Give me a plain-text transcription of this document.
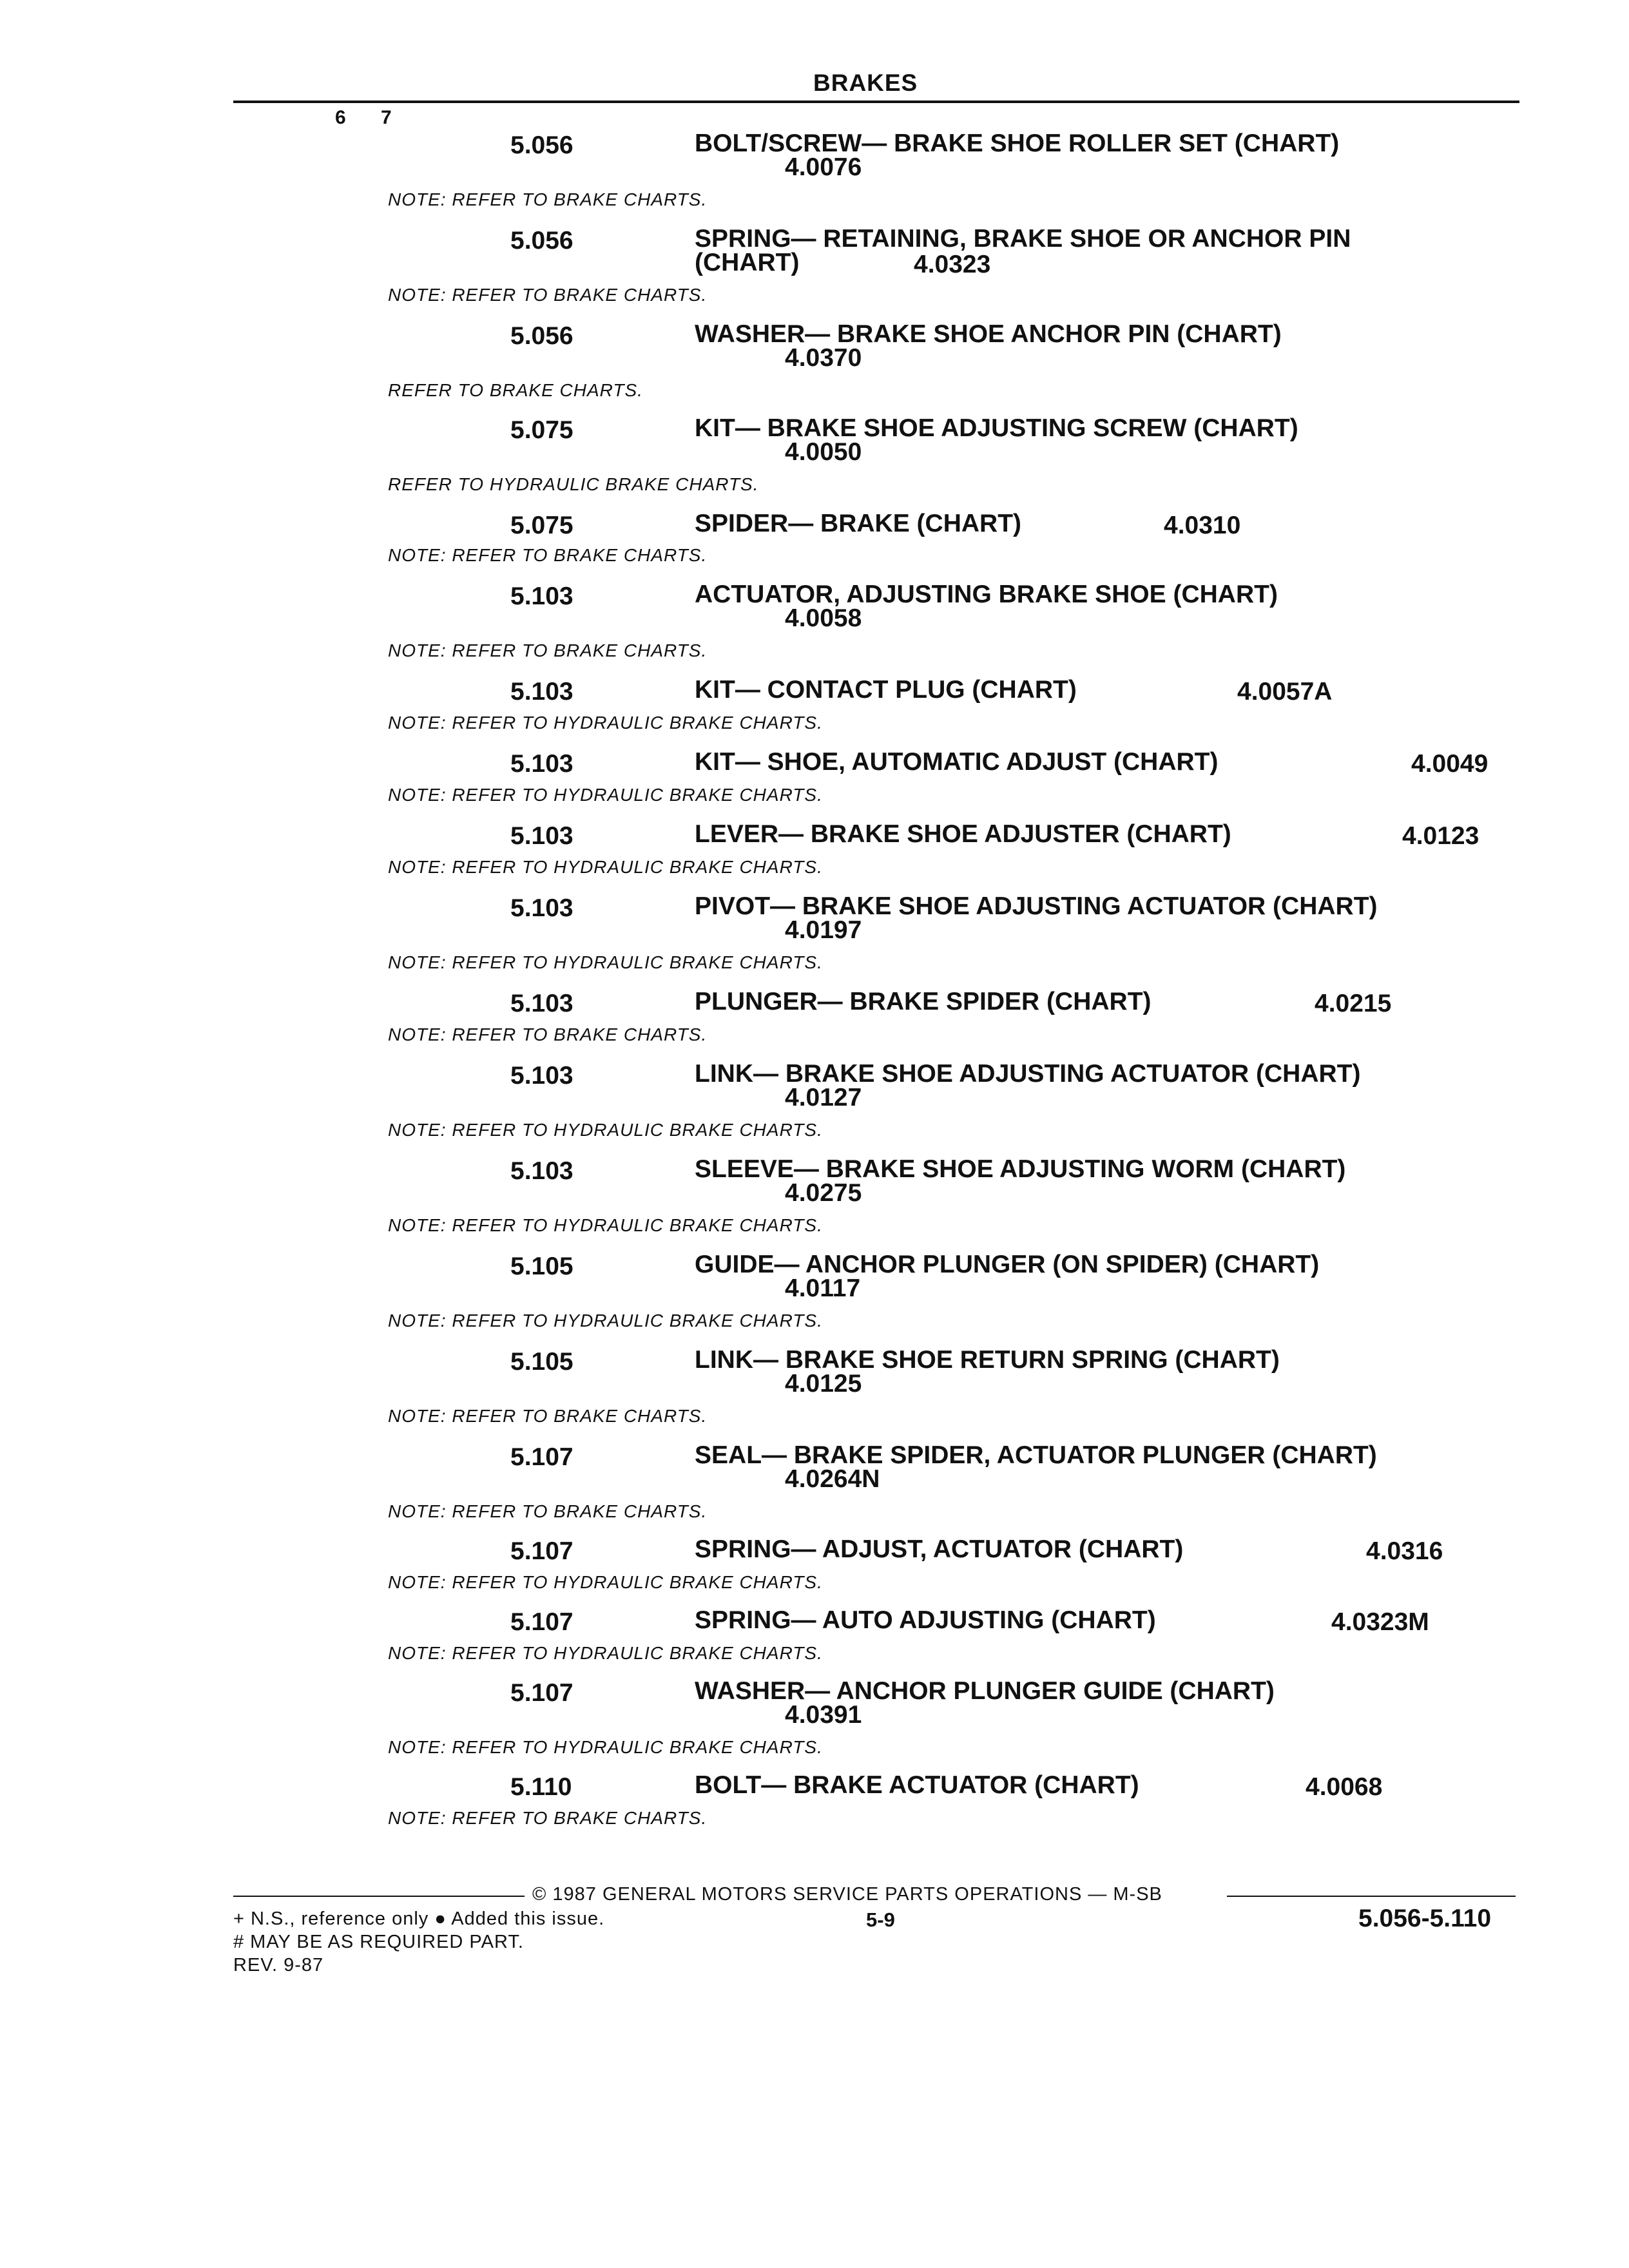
BRAKES
6 7
5.056	BOLT/SCREW— BRAKE SHOE ROLLER SET (CHART)
4.0076
NOTE: REFER TO BRAKE CHARTS.
5.056	SPRING— RETAINING, BRAKE SHOE OR ANCHOR PIN
(CHART)	4.0323
NOTE: REFER TO BRAKE CHARTS.
5.056	WASHER— BRAKE SHOE ANCHOR PIN (CHART)
4.0370
REFER TO BRAKE CHARTS.
5.075	KIT— BRAKE SHOE ADJUSTING SCREW (CHART)
4.0050
REFER TO HYDRAULIC BRAKE CHARTS.
5.075	SPIDER— BRAKE (CHART)	4.0310
NOTE: REFER TO BRAKE CHARTS.
5.103	ACTUATOR, ADJUSTING BRAKE SHOE (CHART)
4.0058
NOTE: REFER TO BRAKE CHARTS.
5.103	KIT— CONTACT PLUG (CHART)	4.0057A
NOTE: REFER TO HYDRAULIC BRAKE CHARTS.
5.103	KIT— SHOE, AUTOMATIC ADJUST (CHART)	4.0049
NOTE: REFER TO HYDRAULIC BRAKE CHARTS.
5.103	LEVER— BRAKE SHOE ADJUSTER (CHART)	4.0123
NOTE: REFER TO HYDRAULIC BRAKE CHARTS.
5.103	PIVOT— BRAKE SHOE ADJUSTING ACTUATOR (CHART)
4.0197
NOTE: REFER TO HYDRAULIC BRAKE CHARTS.
5.103	PLUNGER— BRAKE SPIDER (CHART)	4.0215
NOTE: REFER TO BRAKE CHARTS.
5.103	LINK— BRAKE SHOE ADJUSTING ACTUATOR (CHART)
4.0127
NOTE: REFER TO HYDRAULIC BRAKE CHARTS.
5.103	SLEEVE— BRAKE SHOE ADJUSTING WORM (CHART)
4.0275
NOTE: REFER TO HYDRAULIC BRAKE CHARTS.
5.105	GUIDE— ANCHOR PLUNGER (ON SPIDER) (CHART)
4.0117
NOTE: REFER TO HYDRAULIC BRAKE CHARTS.
5.105	LINK— BRAKE SHOE RETURN SPRING (CHART)
4.0125
NOTE: REFER TO BRAKE CHARTS.
5.107	SEAL— BRAKE SPIDER, ACTUATOR PLUNGER (CHART)
4.0264N
NOTE: REFER TO BRAKE CHARTS.
5.107	SPRING— ADJUST, ACTUATOR (CHART)	4.0316
NOTE: REFER TO HYDRAULIC BRAKE CHARTS.
5.107	SPRING— AUTO ADJUSTING (CHART)	4.0323M
NOTE: REFER TO HYDRAULIC BRAKE CHARTS.
5.107	WASHER— ANCHOR PLUNGER GUIDE (CHART)
4.0391
NOTE: REFER TO HYDRAULIC BRAKE CHARTS.
5.110	BOLT— BRAKE ACTUATOR (CHART)	4.0068
NOTE: REFER TO BRAKE CHARTS.
© 1987 GENERAL MOTORS SERVICE PARTS OPERATIONS — M-SB
+ N.S., reference only ● Added this issue.
# MAY BE AS REQUIRED PART.
REV. 9-87
5-9	5.056-5.110
